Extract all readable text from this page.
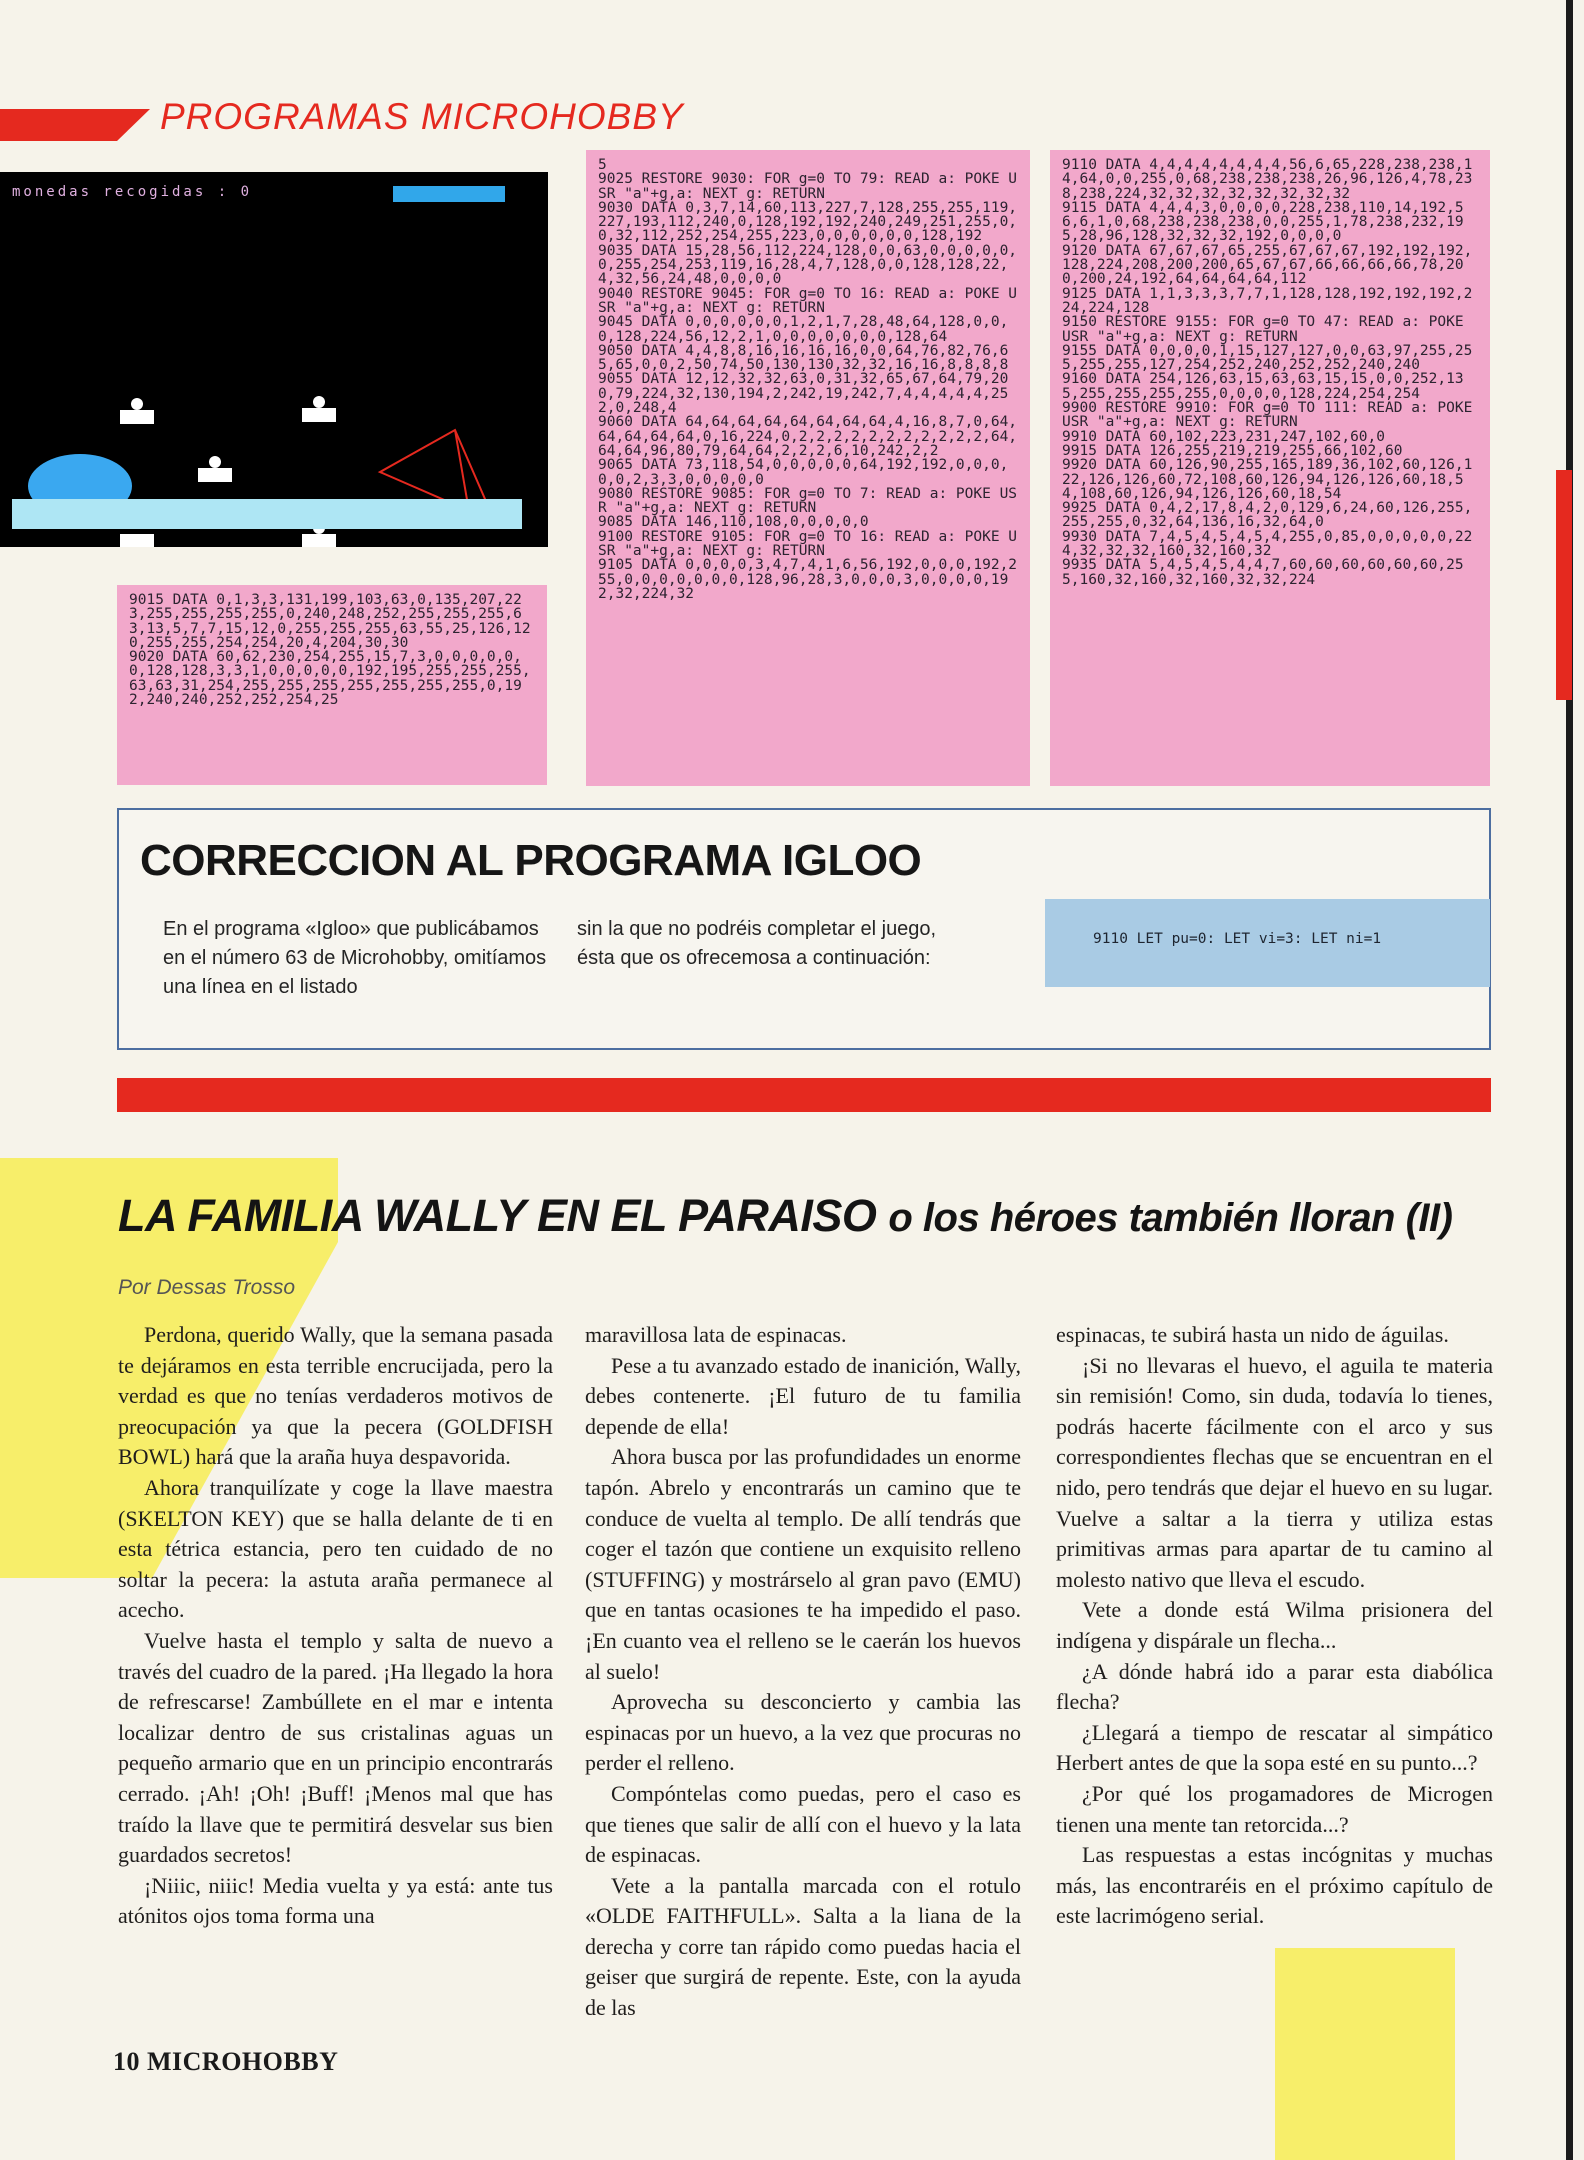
PROGRAMAS MICROHOBBY
monedas recogidas : 0
9015 DATA 0,1,3,3,131,199,103,63,0,135,207,223,255,255,255,255,0,240,248,252,255,255,255,63,13,5,7,7,15,12,0,255,255,255,63,55,25,126,120,255,255,254,254,20,4,204,30,30
9020 DATA 60,62,230,254,255,15,7,3,0,0,0,0,0,0,128,128,3,3,1,0,0,0,0,0,192,195,255,255,255,63,63,31,254,255,255,255,255,255,255,255,0,192,240,240,252,252,254,25
5
9025 RESTORE 9030: FOR g=0 TO 79: READ a: POKE USR "a"+g,a: NEXT g: RETURN
9030 DATA 0,3,7,14,60,113,227,7,128,255,255,119,227,193,112,240,0,128,192,192,240,249,251,255,0,0,32,112,252,254,255,223,0,0,0,0,0,0,128,192
9035 DATA 15,28,56,112,224,128,0,0,63,0,0,0,0,0,0,255,254,253,119,16,28,4,7,128,0,0,128,128,22,4,32,56,24,48,0,0,0,0
9040 RESTORE 9045: FOR g=0 TO 16: READ a: POKE USR "a"+g,a: NEXT g: RETURN
9045 DATA 0,0,0,0,0,0,1,2,1,7,28,48,64,128,0,0,0,128,224,56,12,2,1,0,0,0,0,0,0,0,128,64
9050 DATA 4,4,8,8,16,16,16,16,0,0,64,76,82,76,65,65,0,0,2,50,74,50,130,130,32,32,16,16,8,8,8,8
9055 DATA 12,12,32,32,63,0,31,32,65,67,64,79,200,79,224,32,130,194,2,242,19,242,7,4,4,4,4,4,252,0,248,4
9060 DATA 64,64,64,64,64,64,64,64,4,16,8,7,0,64,64,64,64,64,0,16,224,0,2,2,2,2,2,2,2,2,2,2,2,64,64,64,96,80,79,64,64,2,2,2,6,10,242,2,2
9065 DATA 73,118,54,0,0,0,0,0,64,192,192,0,0,0,0,0,2,3,3,0,0,0,0,0
9080 RESTORE 9085: FOR g=0 TO 7: READ a: POKE USR "a"+g,a: NEXT g: RETURN
9085 DATA 146,110,108,0,0,0,0,0
9100 RESTORE 9105: FOR g=0 TO 16: READ a: POKE USR "a"+g,a: NEXT g: RETURN
9105 DATA 0,0,0,0,3,4,7,4,1,6,56,192,0,0,0,192,255,0,0,0,0,0,0,0,128,96,28,3,0,0,0,3,0,0,0,0,192,32,224,32
9110 DATA 4,4,4,4,4,4,4,4,56,6,65,228,238,238,14,64,0,0,255,0,68,238,238,238,26,96,126,4,78,238,238,224,32,32,32,32,32,32,32,32
9115 DATA 4,4,4,3,0,0,0,0,228,238,110,14,192,56,6,1,0,68,238,238,238,0,0,255,1,78,238,232,195,28,96,128,32,32,32,192,0,0,0,0
9120 DATA 67,67,67,65,255,67,67,67,192,192,192,128,224,208,200,200,65,67,67,66,66,66,66,78,200,200,24,192,64,64,64,64,112
9125 DATA 1,1,3,3,3,7,7,1,128,128,192,192,192,224,224,128
9150 RESTORE 9155: FOR g=0 TO 47: READ a: POKE USR "a"+g,a: NEXT g: RETURN
9155 DATA 0,0,0,0,1,15,127,127,0,0,63,97,255,255,255,255,127,254,252,240,252,252,240,240
9160 DATA 254,126,63,15,63,63,15,15,0,0,252,135,255,255,255,255,0,0,0,0,128,224,254,254
9900 RESTORE 9910: FOR g=0 TO 111: READ a: POKE USR "a"+g,a: NEXT g: RETURN
9910 DATA 60,102,223,231,247,102,60,0
9915 DATA 126,255,219,219,255,66,102,60
9920 DATA 60,126,90,255,165,189,36,102,60,126,122,126,126,60,72,108,60,126,94,126,126,60,18,54,108,60,126,94,126,126,60,18,54
9925 DATA 0,4,2,17,8,4,2,0,129,6,24,60,126,255,255,255,0,32,64,136,16,32,64,0
9930 DATA 7,4,5,4,5,4,5,4,255,0,85,0,0,0,0,0,224,32,32,32,160,32,160,32
9935 DATA 5,4,5,4,5,4,4,7,60,60,60,60,60,60,255,160,32,160,32,160,32,32,224
CORRECCION AL PROGRAMA IGLOO
En el programa «Igloo» que publicábamos en el número 63 de Microhobby, omitíamos una línea en el listado
sin la que no podréis completar el juego, ésta que os ofrecemosa a continuación:
9110 LET pu=0: LET vi=3: LET ni=1
LA FAMILIA WALLY EN EL PARAISO o los héroes también lloran (II)
Por Dessas Trosso

Perdona, querido Wally, que la semana pasada te dejáramos en esta terrible encrucijada, pero la verdad es que no tenías verdaderos motivos de preocupación ya que la pecera (GOLDFISH BOWL) hará que la araña huya despavorida.

Ahora tranquilízate y coge la llave maestra (SKELTON KEY) que se halla delante de ti en esta tétrica estancia, pero ten cuidado de no soltar la pecera: la astuta araña permanece al acecho.

Vuelve hasta el templo y salta de nuevo a través del cuadro de la pared. ¡Ha llegado la hora de refrescarse! Zambúllete en el mar e intenta localizar dentro de sus cristalinas aguas un pequeño armario que en un principio encontrarás cerrado. ¡Ah! ¡Oh! ¡Buff! ¡Menos mal que has traído la llave que te permitirá desvelar sus bien guardados secretos!

¡Niiic, niiic! Media vuelta y ya está: ante tus atónitos ojos toma forma una

maravillosa lata de espinacas.

Pese a tu avanzado estado de inanición, Wally, debes contenerte. ¡El futuro de tu familia depende de ella!

Ahora busca por las profundidades un enorme tapón. Abrelo y encontrarás un camino que te conduce de vuelta al templo. De allí tendrás que coger el tazón que contiene un exquisito relleno (STUFFING) y mostrárselo al gran pavo (EMU) que en tantas ocasiones te ha impedido el paso. ¡En cuanto vea el relleno se le caerán los huevos al suelo!

Aprovecha su desconcierto y cambia las espinacas por un huevo, a la vez que procuras no perder el relleno.

Compóntelas como puedas, pero el caso es que tienes que salir de allí con el huevo y la lata de espinacas.

Vete a la pantalla marcada con el rotulo «OLDE FAITHFULL». Salta a la liana de la derecha y corre tan rápido como puedas hacia el geiser que surgirá de repente. Este, con la ayuda de las

espinacas, te subirá hasta un nido de águilas.

¡Si no llevaras el huevo, el aguila te materia sin remisión! Como, sin duda, todavía lo tienes, podrás hacerte fácilmente con el arco y sus correspondientes flechas que se encuentran en el nido, pero tendrás que dejar el huevo en su lugar. Vuelve a saltar a la tierra y utiliza estas primitivas armas para apartar de tu camino al molesto nativo que lleva el escudo.

Vete a donde está Wilma prisionera del indígena y dispárale un flecha...

¿A dónde habrá ido a parar esta diabólica flecha?

¿Llegará a tiempo de rescatar al simpático Herbert antes de que la sopa esté en su punto...?

¿Por qué los progamadores de Microgen tienen una mente tan retorcida...?

Las respuestas a estas incógnitas y muchas más, las encontraréis en el próximo capítulo de este lacrimógeno serial.

10 MICROHOBBY
